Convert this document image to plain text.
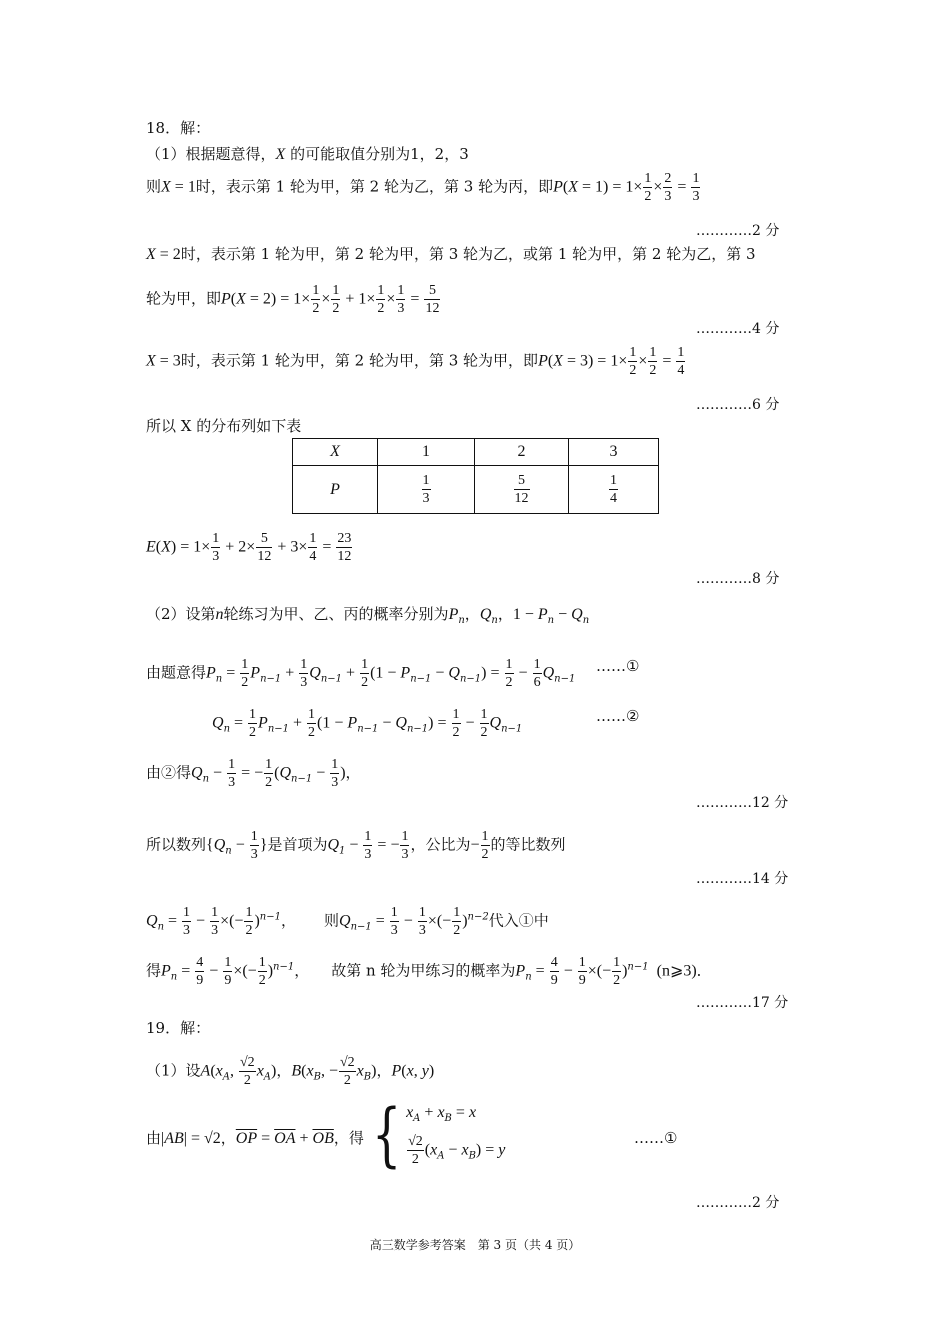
18．解：
（1）根据题意得，X 的可能取值分别为1，2，3
则X = 1时，表示第 1 轮为甲，第 2 轮为乙，第 3 轮为丙，即$P(X = 1) = 1\times \frac{1}{2} \times \frac{2}{3} = \frac{1}{3}$
…………2 分
X = 2时，表示第 1 轮为甲，第 2 轮为甲，第 3 轮为乙，或第 1 轮为甲，第 2 轮为乙，第 3
轮为甲，即$P(X = 2) = 1\times \frac{1}{2} \times \frac{1}{2} + 1\times \frac{1}{2} \times \frac{1}{3} = \frac{5}{12}$
…………4 分
X = 3时，表示第 1 轮为甲，第 2 轮为甲，第 3 轮为甲，即$P(X = 3) = 1\times \frac{1}{2} \times \frac{1}{2} = \frac{1}{4}$
…………6 分
所以 X 的分布列如下表
X	1	2	3
P	$\frac{1}{3}$	$\frac{5}{12}$	$\frac{1}{4}$
$E(X) = 1\times \frac{1}{3} + 2\times \frac{5}{12} + 3\times \frac{1}{4} = \frac{23}{12}$
…………8 分
（2）设第n轮练习为甲、乙、丙的概率分别为$P_n$，$Q_n$，$1 - P_n - Q_n$
由题意得$P_n = \frac{1}{2} P_{n-1} + \frac{1}{3} Q_{n-1} + \frac{1}{2} (1 - P_{n-1} - Q_{n-1}) = \frac{1}{2} - \frac{1}{6} Q_{n-1}$
……①
$Q_n = \frac{1}{2} P_{n-1} + \frac{1}{2} (1 - P_{n-1} - Q_{n-1}) = \frac{1}{2} - \frac{1}{2} Q_{n-1}$
……②
由②得$Q_n - \frac{1}{3}$ = − $\frac{1}{2} (Q_{n-1} - \frac{1}{3}$ )，
…………12 分
所以数列{$Q_n - \frac{1}{3}$ }是首项为$Q_1 - \frac{1}{3}$ = − $\frac{1}{3}$ ，公比为− $\frac{1}{2}$ 的等比数列
…………14 分
$Q_n = \frac{1}{3} - \frac{1}{3}$ ×(− $\frac{1}{2} )^{n-1}$， 则$Q_{n-1} = \frac{1}{3} - \frac{1}{3}$ ×(− $\frac{1}{2} )^{n-2}$代入①中
得$P_n = \frac{4}{9} - \frac{1}{9}$ ×(− $\frac{1}{2} )^{n-1}$， 故第 n 轮为甲练习的概率为$P_n = \frac{4}{9} - \frac{1}{9}$ ×(− $\frac{1}{2} )^{n-1}$ (n⩾3)．
…………17 分
19．解：
（1）设$A(x_A$, $\frac{√2}{2} x_A$)，$B(x_B$, − $\frac{√2}{2} x_B$)，P(x, y)
由|AB| = √2，$\overline{OP} = \overline{OA} + \overline{OB}$，得 { $x_A + x_B = x$
$\frac{√2}{2} (x_A - x_B) = y$
……①
…………2 分
高三数学参考答案　第 3 页（共 4 页）
